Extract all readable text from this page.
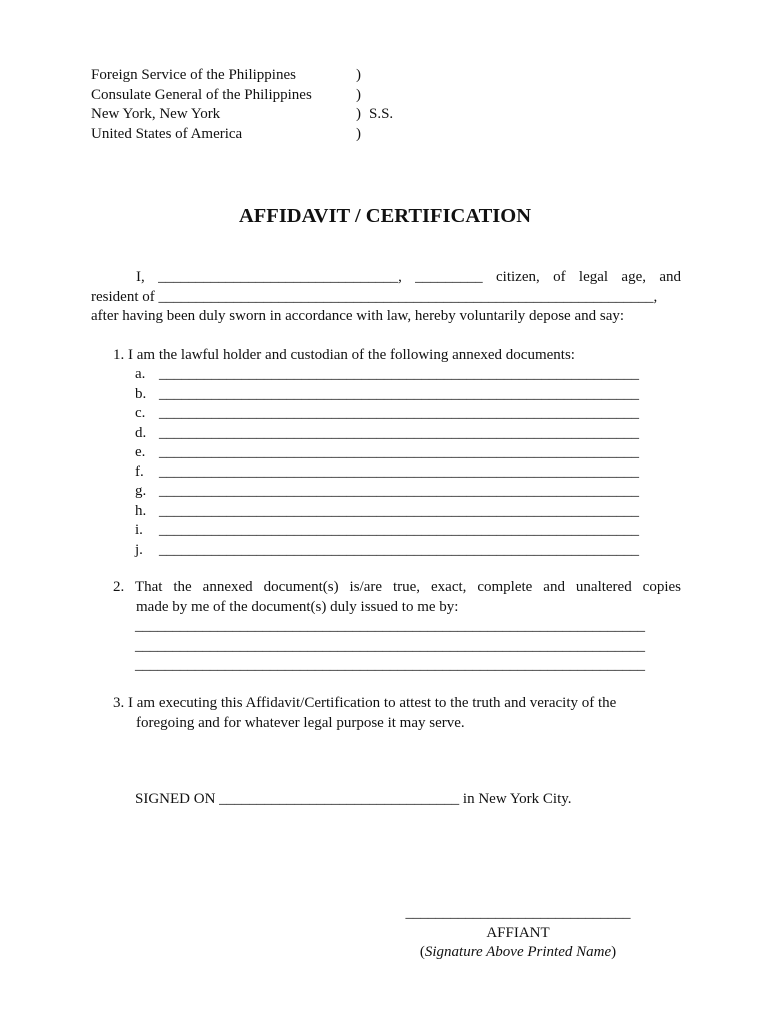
Foreign Service of the Philippines	)
Consulate General of the Philippines	)
New York, New York	) S.S.
United States of America	)
AFFIDAVIT / CERTIFICATION
I, ________________________________, _________ citizen, of legal age, and
resident of __________________________________________________________________,
after having been duly sworn in accordance with law, hereby voluntarily depose and say:
1. I am the lawful holder and custodian of the following annexed documents:
a. ________________________________________________________________
b. ________________________________________________________________
c. ________________________________________________________________
d. ________________________________________________________________
e. ________________________________________________________________
f.	________________________________________________________________
g. ________________________________________________________________
h. ________________________________________________________________
i.	________________________________________________________________
j.	________________________________________________________________
2. That the annexed document(s) is/are true, exact, complete and unaltered copies
made by me of the document(s) duly issued to me by:
____________________________________________________________________
____________________________________________________________________
____________________________________________________________________
3. I am executing this Affidavit/Certification to attest to the truth and veracity of the
foregoing and for whatever legal purpose it may serve.
SIGNED ON ________________________________ in New York City.
______________________________
AFFIANT
(Signature Above Printed Name)
